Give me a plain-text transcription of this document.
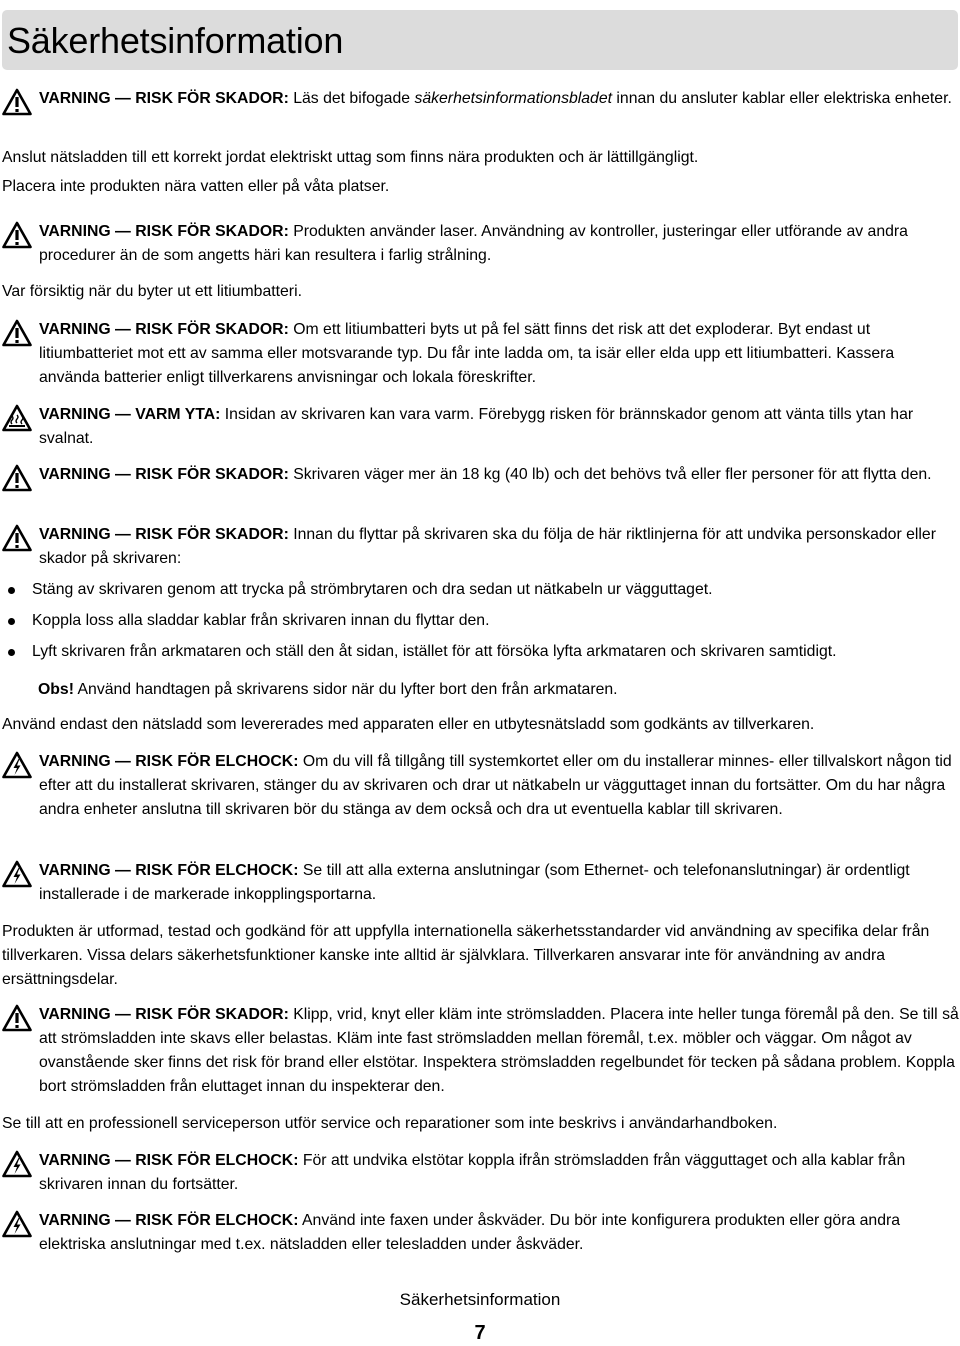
Säkerhetsinformation
VARNING — RISK FÖR SKADOR: Läs det bifogade säkerhetsinformationsbladet innan du ansluter kablar eller elektriska enheter.
Anslut nätsladden till ett korrekt jordat elektriskt uttag som finns nära produkten och är lättillgängligt.
Placera inte produkten nära vatten eller på våta platser.
VARNING — RISK FÖR SKADOR: Produkten använder laser. Användning av kontroller, justeringar eller utförande av andra procedurer än de som angetts häri kan resultera i farlig strålning.
Var försiktig när du byter ut ett litiumbatteri.
VARNING — RISK FÖR SKADOR: Om ett litiumbatteri byts ut på fel sätt finns det risk att det exploderar. Byt endast ut litiumbatteriet mot ett av samma eller motsvarande typ. Du får inte ladda om, ta isär eller elda upp ett litiumbatteri. Kassera använda batterier enligt tillverkarens anvisningar och lokala föreskrifter.
VARNING — VARM YTA: Insidan av skrivaren kan vara varm. Förebygg risken för brännskador genom att vänta tills ytan har svalnat.
VARNING — RISK FÖR SKADOR: Skrivaren väger mer än 18 kg (40 lb) och det behövs två eller fler personer för att flytta den.
VARNING — RISK FÖR SKADOR: Innan du flyttar på skrivaren ska du följa de här riktlinjerna för att undvika personskador eller skador på skrivaren:
Stäng av skrivaren genom att trycka på strömbrytaren och dra sedan ut nätkabeln ur vägguttaget.
Koppla loss alla sladdar kablar från skrivaren innan du flyttar den.
Lyft skrivaren från arkmataren och ställ den åt sidan, istället för att försöka lyfta arkmataren och skrivaren samtidigt.
Obs! Använd handtagen på skrivarens sidor när du lyfter bort den från arkmataren.
Använd endast den nätsladd som levererades med apparaten eller en utbytesnätsladd som godkänts av tillverkaren.
VARNING — RISK FÖR ELCHOCK: Om du vill få tillgång till systemkortet eller om du installerar minnes- eller tillvalskort någon tid efter att du installerat skrivaren, stänger du av skrivaren och drar ut nätkabeln ur vägguttaget innan du fortsätter. Om du har några andra enheter anslutna till skrivaren bör du stänga av dem också och dra ut eventuella kablar till skrivaren.
VARNING — RISK FÖR ELCHOCK: Se till att alla externa anslutningar (som Ethernet- och telefonanslutningar) är ordentligt installerade i de markerade inkopplingsportarna.
Produkten är utformad, testad och godkänd för att uppfylla internationella säkerhetsstandarder vid användning av specifika delar från tillverkaren. Vissa delars säkerhetsfunktioner kanske inte alltid är självklara. Tillverkaren ansvarar inte för användning av andra ersättningsdelar.
VARNING — RISK FÖR SKADOR: Klipp, vrid, knyt eller kläm inte strömsladden. Placera inte heller tunga föremål på den. Se till så att strömsladden inte skavs eller belastas. Kläm inte fast strömsladden mellan föremål, t.ex. möbler och väggar. Om något av ovanstående sker finns det risk för brand eller elstötar. Inspektera strömsladden regelbundet för tecken på sådana problem. Koppla bort strömsladden från eluttaget innan du inspekterar den.
Se till att en professionell serviceperson utför service och reparationer som inte beskrivs i användarhandboken.
VARNING — RISK FÖR ELCHOCK: För att undvika elstötar koppla ifrån strömsladden från vägguttaget och alla kablar från skrivaren innan du fortsätter.
VARNING — RISK FÖR ELCHOCK: Använd inte faxen under åskväder. Du bör inte konfigurera produkten eller göra andra elektriska anslutningar med t.ex. nätsladden eller telesladden under åskväder.
Säkerhetsinformation
7
